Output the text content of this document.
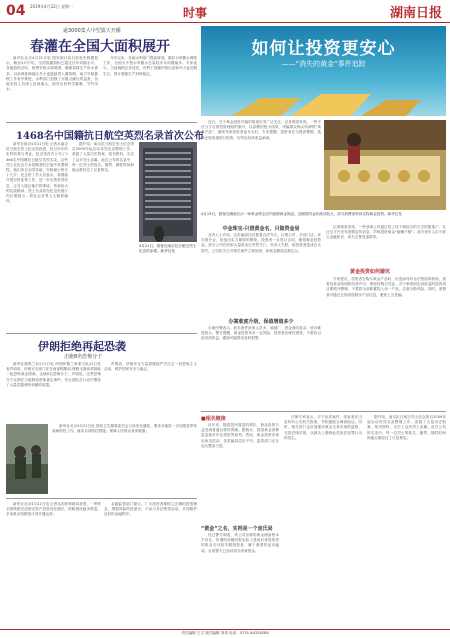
04 2019年4月22日 星期一	时事	湖南日报
逾3000集大中型露天开播
春灌在全国大面积展开

新华社北京4月21日电 国家统计局日前发布数据显示，截至4月中旬，全国春灌面积已超过往年同期水平。各地抢抓农时，统筹安排水源调度，确保春耕生产用水需求。目前黄淮海地区冬小麦陆续进入灌浆期，南方早稻插秧工作有序推进，水利部门加强了对重点灌区的巡查，各地农技人员深入田间地头，指导农民科学灌溉、节约用水。

今年以来，各地水利部门提前谋划，做好水库蓄水调度工作，全国大中型水库蓄水总量较多年同期偏多。专家表示，当前墒情总体适宜，有利于春播作物出苗和冬小麦后期生长，预计夏粮生产形势稳定。

1468名中国籍抗日航空英烈名录首次公布

新华社南京4月21日电 记者从南京抗日航空烈士纪念馆获悉，经过多年的史料收集与考证，纪念馆首次公布了1468名中国籍抗日航空英烈名录，这些烈士在抗击日本侵略者的空战中英勇牺牲。他们来自全国各地，年龄最小的仅十几岁。纪念馆工作人员表示，将继续开展史料征集工作，进一步完善英烈信息，让后人铭记他们的事迹，传承伟大的抗战精神。烈士名录将在纪念馆展厅内长期展示，供社会各界人士瞻仰缅怀。

据介绍，南京抗日航空烈士纪念馆自2009年起启动英烈名录整理工作，查阅了大量历史档案、报刊资料，走访了众多烈士亲属。此次公布的名录中，每一位烈士的姓名、籍贯、牺牲时间和地点都经过了反复核实。

4月21日，游客在南京抗日航空烈士纪念馆参观。新华社发
伊朗拒绝再起恐袭
击毙8名恐怖分子

新华社德黑兰4月21日电 伊朗伊斯兰革命卫队21日发表声明说，伊朗安全部门在东南部锡斯坦-俾路支斯坦省挫败一起恐怖袭击图谋，击毙8名恐怖分子。声明说，这些恐怖分子企图在当地制造恐怖袭击事件，安全部队在行动中缴获了大量武器弹药和爆炸装置。

声明说，伊朗安全力量将继续严厉打击一切恐怖主义活动，维护国家安全与稳定。

新华社北京4月21日电 国家卫生健康委员会日前发布通知，要求各地进一步加强春季传染病防控工作，落实各项防控措施，保障人民群众身体健康。

新华社北京4月21日电 记者从国家铁路局获悉，一季度全国铁路完成固定资产投资同比增长，铁路建设稳步推进，多条重点线路按计划开通运营。

金融监管部门提示，广大投资者要树立正确的投资理念，增强风险防范意识，不参与非法集资活动，共同维护良好的金融秩序。

如何让投资更安心
——“消失的黄金”事件追踪

近日，关于黄金投资诈骗的报道引发广泛关注。记者调查发现，一些不法分子打着投资理财的旗号，以高额回报为诱饵，诱骗群众购买所谓的“黄金产品”，最终导致投资者血本无归。专家提醒，投资者应当提高警惕，选择正规渠道进行投资，切勿轻信高收益承诺。

4月13日，游客在湖南长沙一家黄金珠宝店内选购黄金饰品。近期国内金价波动较大，部分消费者转向实物黄金投资。新华社发
中金珠宝-只借黄金名，只做资金局

业内人士介绍，这类骗局往往披着合法外衣，注册公司、开设门店、举办推介会，营造出实力雄厚的假象。投资者一旦签订合同，便很难追回资金。部分公司在收取大量资金后突然关门，负责人失联，给投资者造成巨大损失。公安机关已对相关案件立案侦查，涉案金额高达数亿元。

办案难度升级，保值增值多少

办案民警表示，此类案件涉案人员多、地域广、资金流向复杂，侦办难度较大。警方提醒，黄金投资具有一定风险，投资者应理性看待，不要盲目追求高收益，遇到可疑情况及时报警。

记者调查发现，一些涉事公司通过线上线下相结合的方式招揽客户，在社交平台发布虚假宣传信息，声称投资黄金“稳赚不赔”。部分老年人由于缺乏金融知识，成为主要受害群体。

黄金投资如何避坑

专家建议，投资者在购买黄金产品时，应选择具有合法资质的机构，查看其营业执照和经营许可，保留好购买凭证。对于承诺固定高收益的投资项目要格外警惕，不要将全部积蓄投入单一产品，注意分散风险。同时，消费者可通过正规渠道核实产品信息，避免上当受骗。

■相关链接

近年来，随着居民财富的增长，黄金投资日益受到普通百姓的青睐。据统计，我国黄金消费量连续多年位居世界前列。然而，黄金投资市场也鱼龙混杂，各类骗局层出不穷，监管部门正在加大整治力度。

“黄金”之名，实则是一个庞氏局

经过警方调查，该公司宣称的黄金储备根本不存在，所谓的高额回报实际上是用后来投资者的资金支付给早期投资者，属于典型的庞氏骗局。目前警方已冻结部分涉案资金。

法律专家表示，对于此类案件，受害者应当及时向公安机关报案，并积极配合调查取证。同时，相关部门也应加强对黄金交易市场的监管，完善法律法规，从源头上遏制此类违法犯罪行为的发生。

据介绍，南京抗日航空烈士纪念馆自2009年起启动英烈名录整理工作，查阅了大量历史档案、报刊资料，走访了众多烈士亲属。此次公布的名录中，每一位烈士的姓名、籍贯、牺牲时间和地点都经过了反复核实。

责任编辑 王文 版式编辑 刘伟 电话：0731-84326288
